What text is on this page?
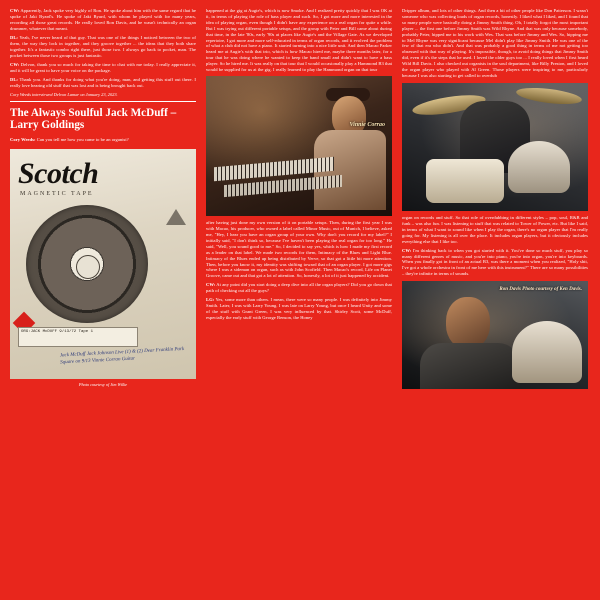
CW: Apparently, Jack spoke very highly of Ron. He spoke about him with the same regard that he spoke of Jaki Byard's. He spoke of Jaki Byard, with whom he played with for many years, recording all those great records. He really loved Ron Davis, and he wasn't technically an organ drummer, whatever that meant.

DL: Yeah, I've never heard of that guy. That was one of the things I noticed between the two of them, the way they lock in together, and they groove together ... the ideas that they both share together. It's a fantastic combo right there, just those two. I always go back to pocket, man. The pocket between those two groups is just fantastic.

CW: Delvon, thank you so much for taking the time to chat with me today. I really appreciate it, and it will be great to have your voice on the package.

DL: Thank you. And thanks for doing what you're doing, man, and getting this stuff out there. I really love hearing old stuff that was lost and is being brought back out.

Cory Weeds interviewed Delvon Lamar on January 23, 2023.
The Always Soulful Jack McDuff – Larry Goldings

Cory Weeds: Can you tell me how you came to be an organist?

Scotch
MAGNETIC TAPE
ORG:JACK McDUFF 9/13/72 Tape 1
Jack McDuff Jack Johnson Live (1) & (2) Dear Franklin Park Square on 9/13 Vinnie Corrao Guitar
Photo courtesy of Jim Wilke

happened at the gig at Augie's, which is now Smoke. And I realized pretty quickly that I was OK at it, in terms of playing the role of bass player and such. So, I got more and more interested in the idea of playing organ, even though I didn't have any experience on a real organ for quite a while. But I was trying out different portable setups, and the group with Peter and Bill came about during that time, in the late '80s, early '90s at places like Augie's and the Village Gate. As we developed repertoire, I got more and more self-educated in terms of organ records, and it evolved the problem of what a club did not have a piano. It started turning into a nice little unit. And then Macao Parker heard me at Augie's with that trio, which is how Macao hired me, maybe three months later, for a tour that he was doing where he wanted to keep the band small and didn't want to have a bass player. So he hired me. It was really on that tour that I would occasionally play a Hammond B3 that would be supplied for us at the gig. I really learned to play the Hammond organ on that tour

Vinnie Corrao

after having just done my own version of it on portable setups. Then, during the first year I was with Macao, his producer, who owned a label called Minor Music, out of Munich, I believe, asked me, "Hey, I hear you have an organ group of your own. Why don't you record for my label?" I initially said, "I don't think so, because I've haven't been playing the real organ for too long." He said, "Well, you sound good to me." So, I decided to say yes, which is how I made my first record as a leader on that label. We made two records for them, Intimacy of the Blues and Light Blue. Intimacy of the Blues ended up being distributed by Verve, so that got a little bit more attention. Then, before you know it, my identity was shifting toward that of an organ player. I got more gigs where I was a sideman on organ, such as with John Scofield. Then Macao's record, Life on Planet Groove, came out and that got a lot of attention. So, honestly, a lot of it just happened by accident.

CW: At any point did you start doing a deep dive into all the organ players? Did you go down that path of checking out all the guys?

LG: Yes, some more than others. I mean, there were so many people. I was definitely into Jimmy Smith. Later, I was with Larry Young. I was late on Larry Young, but once I heard Unity and some of the stuff with Grant Green, I was very influenced by that. Shirley Scott, some McDuff, especially the early stuff with George Benson, the Honey

Dripper album, and lots of other things. And then a bit of other people like Don Patterson. I wasn't someone who was collecting loads of organ records, honestly. I liked what I liked, and I found that so many people were basically doing a Jimmy Smith thing. Oh, I totally forgot the most important player ... the first one before Jimmy Smith was Wild Rhyne. And that was only because somebody, probably Peter, hipped me to his work with Wes. That was before Jimmy and Wes. So, hipping me to Mel Rhyne was very significant because Mel didn't play like Jimmy Smith. He was one of the few of that era who didn't. And that was probably a good thing in terms of me not getting too obsessed with that way of playing. It's impossible, though, to avoid doing things that Jimmy Smith did, even if it's the steps that he used. I loved the older guys too ... I really loved when I first heard Wild Bill Davis. I also checked out organists in the soul department, like Billy Preston, and I loved the organ player who played with Al Green. Those players were inspiring to me, particularly because I was also starting to get called to overdub

organ on records and stuff. So that role of overdubbing in different styles – pop, soul, R&B and funk – was also fun. I was listening to stuff that was related to Tower of Power, etc. But like I said, in terms of what I want to sound like when I play the organ, there's no organ player that I'm really going for. My listening is all over the place. It includes organ players, but it obviously includes everything else that I like too.

CW: I'm thinking back to when you got started with it. You've done so much stuff, you play so many different genres of music, and you're into piano, you're into organ, you're into keyboards. When you finally got in front of an actual B3, was there a moment when you realized, "Holy shit, I've got a whole orchestra in front of me here with this instrument?" There are so many possibilities – they're infinite in terms of sounds.

Ron Davis Photo courtesy of Ken Davis.
